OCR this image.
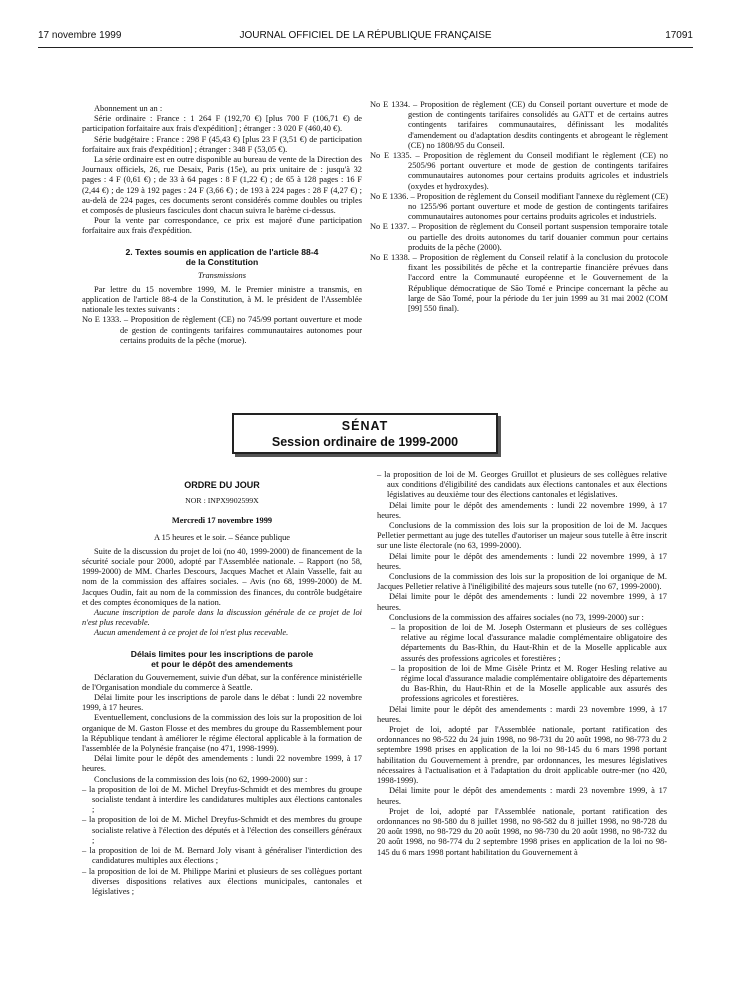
17 novembre 1999	JOURNAL OFFICIEL DE LA RÉPUBLIQUE FRANÇAISE	17091

Abonnement un an :

Série ordinaire : France : 1 264 F (192,70 €) [plus 700 F (106,71 €) de participation forfaitaire aux frais d'expédition] ; étranger : 3 020 F (460,40 €).

Série budgétaire : France : 298 F (45,43 €) [plus 23 F (3,51 €) de participation forfaitaire aux frais d'expédition] ; étranger : 348 F (53,05 €).

La série ordinaire est en outre disponible au bureau de vente de la Direction des Journaux officiels, 26, rue Desaix, Paris (15e), au prix unitaire de : jusqu'à 32 pages : 4 F (0,61 €) ; de 33 à 64 pages : 8 F (1,22 €) ; de 65 à 128 pages : 16 F (2,44 €) ; de 129 à 192 pages : 24 F (3,66 €) ; de 193 à 224 pages : 28 F (4,27 €) ; au-delà de 224 pages, ces documents seront considérés comme doubles ou triples et composés de plusieurs fascicules dont chacun suivra le barème ci-dessus.

Pour la vente par correspondance, ce prix est majoré d'une participation forfaitaire aux frais d'expédition.

2. Textes soumis en application de l'article 88-4
de la Constitution
Transmissions

Par lettre du 15 novembre 1999, M. le Premier ministre a transmis, en application de l'article 88-4 de la Constitution, à M. le président de l'Assemblée nationale les textes suivants :

No E 1333. – Proposition de règlement (CE) no 745/99 portant ouverture et mode de gestion de contingents tarifaires communautaires autonomes pour certains produits de la pêche (morue).

No E 1334. – Proposition de règlement (CE) du Conseil portant ouverture et mode de gestion de contingents tarifaires consolidés au GATT et de certains autres contingents tarifaires communautaires, définissant les modalités d'amendement ou d'adaptation desdits contingents et abrogeant le règlement (CE) no 1808/95 du Conseil.

No E 1335. – Proposition de règlement du Conseil modifiant le règlement (CE) no 2505/96 portant ouverture et mode de gestion de contingents tarifaires communautaires autonomes pour certains produits agricoles et industriels (oxydes et hydroxydes).

No E 1336. – Proposition de règlement du Conseil modifiant l'annexe du règlement (CE) no 1255/96 portant ouverture et mode de gestion de contingents tarifaires communautaires autonomes pour certains produits agricoles et industriels.

No E 1337. – Proposition de règlement du Conseil portant suspension temporaire totale ou partielle des droits autonomes du tarif douanier commun pour certains produits de la pêche (2000).

No E 1338. – Proposition de règlement du Conseil relatif à la conclusion du protocole fixant les possibilités de pêche et la contrepartie financière prévues dans l'accord entre la Communauté européenne et le Gouvernement de la République démocratique de São Tomé e Principe concernant la pêche au large de São Tomé, pour la période du 1er juin 1999 au 31 mai 2002 (COM [99] 550 final).

SÉNAT
Session ordinaire de 1999-2000
ORDRE DU JOUR
NOR : INPX9902599X
Mercredi 17 novembre 1999
A 15 heures et le soir. – Séance publique

Suite de la discussion du projet de loi (no 40, 1999-2000) de financement de la sécurité sociale pour 2000, adopté par l'Assemblée nationale. – Rapport (no 58, 1999-2000) de MM. Charles Descours, Jacques Machet et Alain Vasselle, fait au nom de la commission des affaires sociales. – Avis (no 68, 1999-2000) de M. Jacques Oudin, fait au nom de la commission des finances, du contrôle budgétaire et des comptes économiques de la nation.

Aucune inscription de parole dans la discussion générale de ce projet de loi n'est plus recevable.

Aucun amendement à ce projet de loi n'est plus recevable.

Délais limites pour les inscriptions de parole
et pour le dépôt des amendements

Déclaration du Gouvernement, suivie d'un débat, sur la conférence ministérielle de l'Organisation mondiale du commerce à Seattle.

Délai limite pour les inscriptions de parole dans le débat : lundi 22 novembre 1999, à 17 heures.

Eventuellement, conclusions de la commission des lois sur la proposition de loi organique de M. Gaston Flosse et des membres du groupe du Rassemblement pour la République tendant à améliorer le régime électoral applicable à la formation de l'assemblée de la Polynésie française (no 471, 1998-1999).

Délai limite pour le dépôt des amendements : lundi 22 novembre 1999, à 17 heures.

Conclusions de la commission des lois (no 62, 1999-2000) sur :

– la proposition de loi de M. Michel Dreyfus-Schmidt et des membres du groupe socialiste tendant à interdire les candidatures multiples aux élections cantonales ;

– la proposition de loi de M. Michel Dreyfus-Schmidt et des membres du groupe socialiste relative à l'élection des députés et à l'élection des conseillers généraux ;

– la proposition de loi de M. Bernard Joly visant à généraliser l'interdiction des candidatures multiples aux élections ;

– la proposition de loi de M. Philippe Marini et plusieurs de ses collègues portant diverses dispositions relatives aux élections municipales, cantonales et législatives ;

– la proposition de loi de M. Georges Gruillot et plusieurs de ses collègues relative aux conditions d'éligibilité des candidats aux élections cantonales et aux élections législatives au deuxième tour des élections cantonales et législatives.

Délai limite pour le dépôt des amendements : lundi 22 novembre 1999, à 17 heures.

Conclusions de la commission des lois sur la proposition de loi de M. Jacques Pelletier permettant au juge des tutelles d'autoriser un majeur sous tutelle à être inscrit sur une liste électorale (no 63, 1999-2000).

Délai limite pour le dépôt des amendements : lundi 22 novembre 1999, à 17 heures.

Conclusions de la commission des lois sur la proposition de loi organique de M. Jacques Pelletier relative à l'inéligibilité des majeurs sous tutelle (no 67, 1999-2000).

Délai limite pour le dépôt des amendements : lundi 22 novembre 1999, à 17 heures.

Conclusions de la commission des affaires sociales (no 73, 1999-2000) sur :

– la proposition de loi de M. Joseph Ostermann et plusieurs de ses collègues relative au régime local d'assurance maladie complémentaire obligatoire des départements du Bas-Rhin, du Haut-Rhin et de la Moselle applicable aux assurés des professions agricoles et forestières ;

– la proposition de loi de Mme Gisèle Printz et M. Roger Hesling relative au régime local d'assurance maladie complémentaire obligatoire des départements du Bas-Rhin, du Haut-Rhin et de la Moselle applicable aux assurés des professions agricoles et forestières.

Délai limite pour le dépôt des amendements : mardi 23 novembre 1999, à 17 heures.

Projet de loi, adopté par l'Assemblée nationale, portant ratification des ordonnances no 98-522 du 24 juin 1998, no 98-731 du 20 août 1998, no 98-773 du 2 septembre 1998 prises en application de la loi no 98-145 du 6 mars 1998 portant habilitation du Gouvernement à prendre, par ordonnances, les mesures législatives nécessaires à l'actualisation et à l'adaptation du droit applicable outre-mer (no 420, 1998-1999).

Délai limite pour le dépôt des amendements : mardi 23 novembre 1999, à 17 heures.

Projet de loi, adopté par l'Assemblée nationale, portant ratification des ordonnances no 98-580 du 8 juillet 1998, no 98-582 du 8 juillet 1998, no 98-728 du 20 août 1998, no 98-729 du 20 août 1998, no 98-730 du 20 août 1998, no 98-732 du 20 août 1998, no 98-774 du 2 septembre 1998 prises en application de la loi no 98-145 du 6 mars 1998 portant habilitation du Gouvernement à
